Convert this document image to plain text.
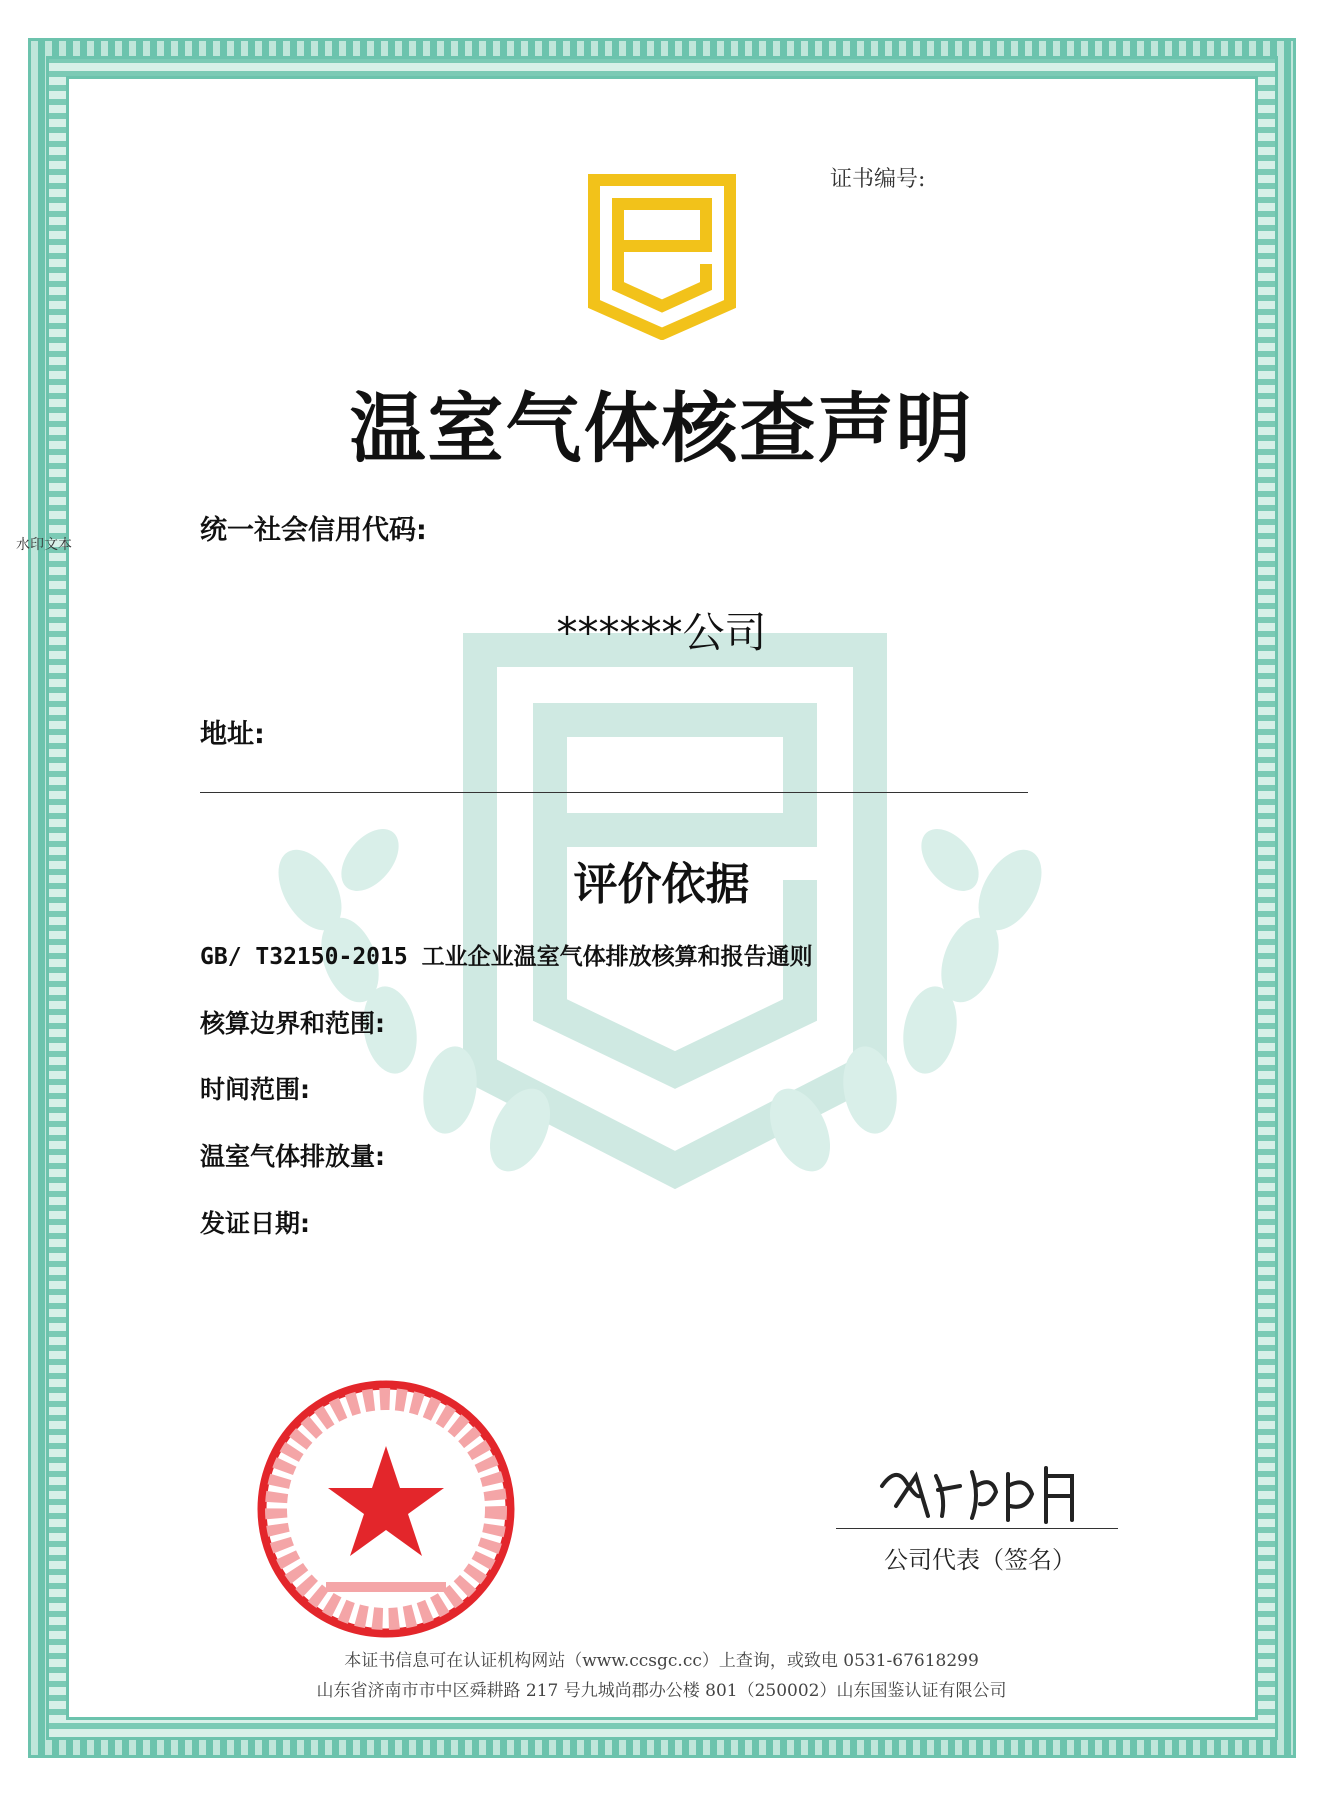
证书编号:
温室气体核查声明
统一社会信用代码:
水印文本
******公司
地址:
评价依据
GB/ T32150-2015 工业企业温室气体排放核算和报告通则
核算边界和范围:
时间范围:
温室气体排放量:
发证日期:
公司代表（签名）
本证书信息可在认证机构网站（www.ccsgc.cc）上查询，或致电 0531-67618299
山东省济南市市中区舜耕路 217 号九城尚郡办公楼 801（250002）山东国鉴认证有限公司
